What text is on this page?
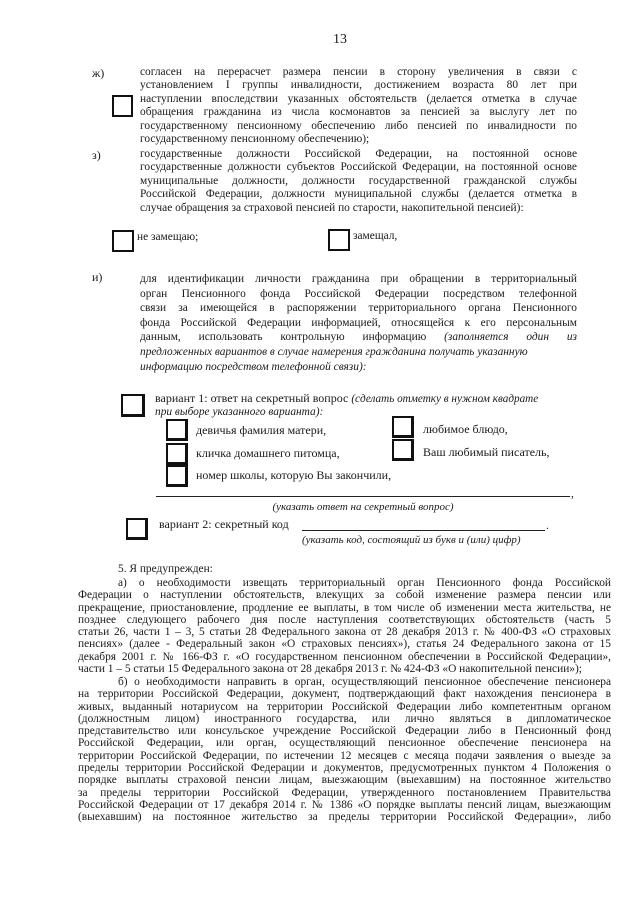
13
ж)	согласен на перерасчет размера пенсии в сторону увеличения в связи с

установлением I группы инвалидности, достижением возраста 80 лет при

наступлении впоследствии указанных обстоятельств (делается отметка в случае

обращения гражданина из числа космонавтов за пенсией за выслугу лет по

государственному пенсионному обеспечению либо пенсией по инвалидности по

государственному пенсионному обеспечению);

з)	государственные должности Российской Федерации, на постоянной основе

государственные должности субъектов Российской Федерации, на постоянной основе

муниципальные должности, должности государственной гражданской службы

Российской Федерации, должности муниципальной службы (делается отметка в

случае обращения за страховой пенсией по старости, накопительной пенсией):

не замещаю;	замещал,
и)	для идентификации личности гражданина при обращении в территориальный

орган Пенсионного фонда Российской Федерации посредством телефонной

связи за имеющейся в распоряжении территориального органа Пенсионного

фонда Российской Федерации информацией, относящейся к его персональным

данным, использовать контрольную информацию (заполняется один из

предложенных вариантов в случае намерения гражданина получать указанную

информацию посредством телефонной связи):

вариант 1: ответ на секретный вопрос (сделать отметку в нужном квадрате
при выборе указанного варианта):
девичья фамилия матери,	любимое блюдо,
кличка домашнего питомца,	Ваш любимый писатель,
номер школы, которую Вы закончили,
,
(указать ответ на секретный вопрос)
вариант 2: секретный код	.
(указать код, состоящий из букв и (или) цифр)
5. Я предупрежден:

а) о необходимости извещать территориальный орган Пенсионного фонда Российской

Федерации о наступлении обстоятельств, влекущих за собой изменение размера пенсии или

прекращение, приостановление, продление ее выплаты, в том числе об изменении места жительства, не

позднее следующего рабочего дня после наступления соответствующих обстоятельств (часть 5

статьи 26, части 1 – 3, 5 статьи 28 Федерального закона от 28 декабря 2013 г. № 400-ФЗ «О страховых

пенсиях» (далее - Федеральный закон «О страховых пенсиях»), статья 24 Федерального закона от 15

декабря 2001 г. № 166-ФЗ г. «О государственном пенсионном обеспечении в Российской Федерации»,

части 1 – 5 статьи 15 Федерального закона от 28 декабря 2013 г. № 424-ФЗ «О накопительной пенсии»);

б) о необходимости направить в орган, осуществляющий пенсионное обеспечение пенсионера

на территории Российской Федерации, документ, подтверждающий факт нахождения пенсионера в

живых, выданный нотариусом на территории Российской Федерации либо компетентным органом

(должностным лицом) иностранного государства, или лично являться в дипломатическое

представительство или консульское учреждение Российской Федерации либо в Пенсионный фонд

Российской Федерации, или орган, осуществляющий пенсионное обеспечение пенсионера на

территории Российской Федерации, по истечении 12 месяцев с месяца подачи заявления о выезде за

пределы территории Российской Федерации и документов, предусмотренных пунктом 4 Положения о

порядке выплаты страховой пенсии лицам, выезжающим (выехавшим) на постоянное жительство

за пределы территории Российской Федерации, утвержденного постановлением Правительства

Российской Федерации от 17 декабря 2014 г. № 1386 «О порядке выплаты пенсий лицам, выезжающим

(выехавшим) на постоянное жительство за пределы территории Российской Федерации», либо
